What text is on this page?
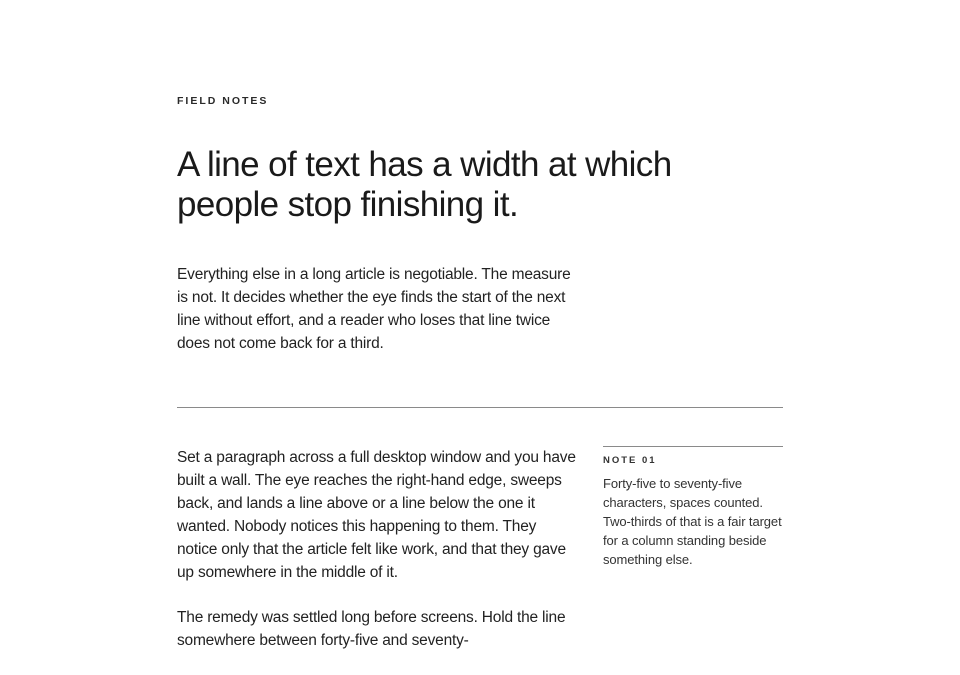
FIELD NOTES
A line of text has a width at which people stop finishing it.

Everything else in a long article is negotiable. The measure is not. It decides whether the eye finds the start of the next line without effort, and a reader who loses that line twice does not come back for a third.

Set a paragraph across a full desktop window and you have built a wall. The eye reaches the right-hand edge, sweeps back, and lands a line above or a line below the one it wanted. Nobody notices this happening to them. They notice only that the article felt like work, and that they gave up somewhere in the middle of it.

The remedy was settled long before screens. Hold the line somewhere between forty-five and seventy-

NOTE 01
Forty-five to seventy-five characters, spaces counted. Two-thirds of that is a fair target for a column standing beside something else.
